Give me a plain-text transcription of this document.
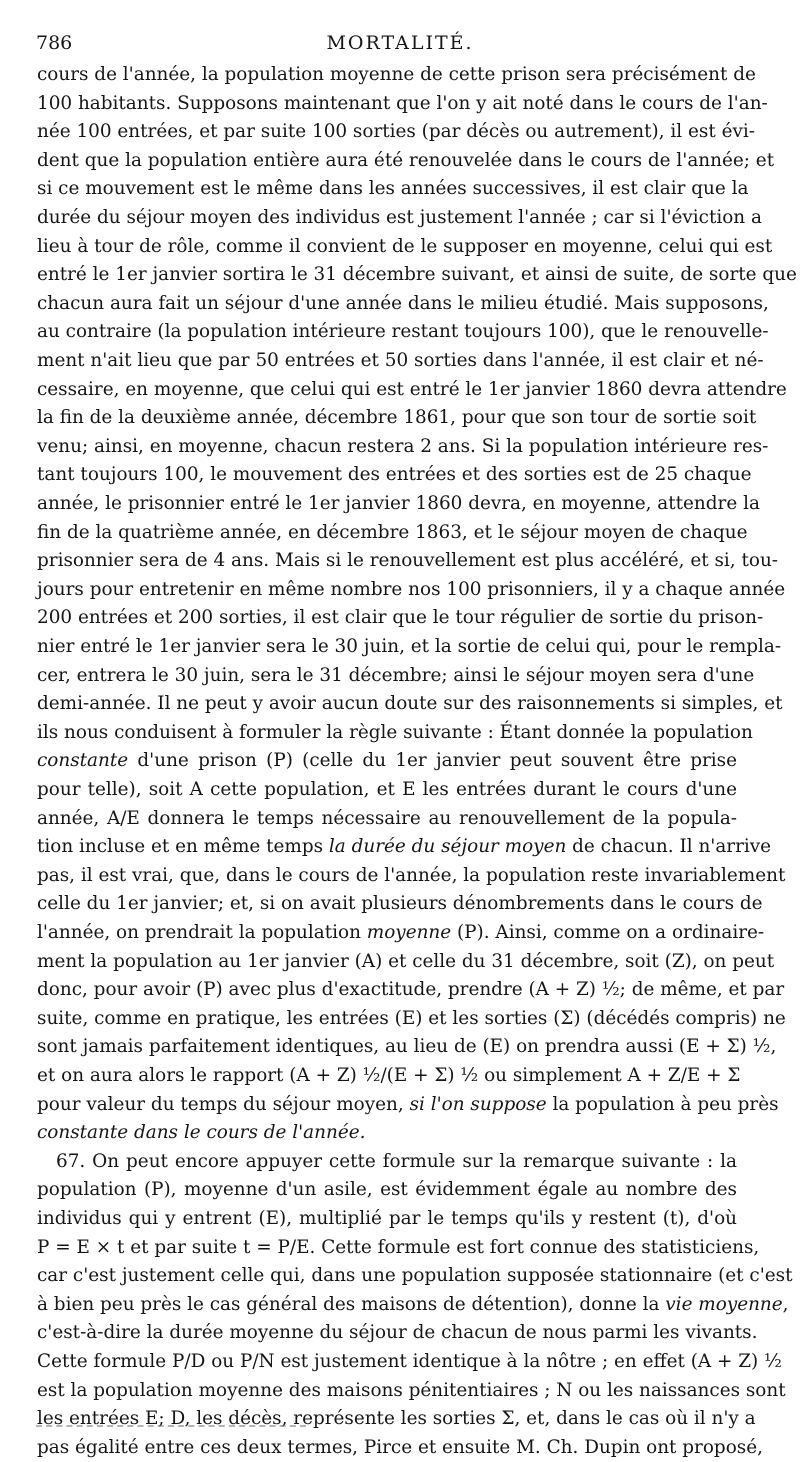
786	MORTALITÉ.
cours de l'année, la population moyenne de cette prison sera précisément de
100 habitants. Supposons maintenant que l'on y ait noté dans le cours de l'an-
née 100 entrées, et par suite 100 sorties (par décès ou autrement), il est évi-
dent que la population entière aura été renouvelée dans le cours de l'année; et
si ce mouvement est le même dans les années successives, il est clair que la
durée du séjour moyen des individus est justement l'année ; car si l'éviction a
lieu à tour de rôle, comme il convient de le supposer en moyenne, celui qui est
entré le 1er janvier sortira le 31 décembre suivant, et ainsi de suite, de sorte que
chacun aura fait un séjour d'une année dans le milieu étudié. Mais supposons,
au contraire (la population intérieure restant toujours 100), que le renouvelle-
ment n'ait lieu que par 50 entrées et 50 sorties dans l'année, il est clair et né-
cessaire, en moyenne, que celui qui est entré le 1er janvier 1860 devra attendre
la fin de la deuxième année, décembre 1861, pour que son tour de sortie soit
venu; ainsi, en moyenne, chacun restera 2 ans. Si la population intérieure res-
tant toujours 100, le mouvement des entrées et des sorties est de 25 chaque
année, le prisonnier entré le 1er janvier 1860 devra, en moyenne, attendre la
fin de la quatrième année, en décembre 1863, et le séjour moyen de chaque
prisonnier sera de 4 ans. Mais si le renouvellement est plus accéléré, et si, tou-
jours pour entretenir en même nombre nos 100 prisonniers, il y a chaque année
200 entrées et 200 sorties, il est clair que le tour régulier de sortie du prison-
nier entré le 1er janvier sera le 30 juin, et la sortie de celui qui, pour le rempla-
cer, entrera le 30 juin, sera le 31 décembre; ainsi le séjour moyen sera d'une
demi-année. Il ne peut y avoir aucun doute sur des raisonnements si simples, et
ils nous conduisent à formuler la règle suivante : Étant donnée la population
constante d'une prison (P) (celle du 1er janvier peut souvent être prise
pour telle), soit A cette population, et E les entrées durant le cours d'une
année, A/E donnera le temps nécessaire au renouvellement de la popula-
tion incluse et en même temps la durée du séjour moyen de chacun. Il n'arrive
pas, il est vrai, que, dans le cours de l'année, la population reste invariablement
celle du 1er janvier; et, si on avait plusieurs dénombrements dans le cours de
l'année, on prendrait la population moyenne (P). Ainsi, comme on a ordinaire-
ment la population au 1er janvier (A) et celle du 31 décembre, soit (Z), on peut
donc, pour avoir (P) avec plus d'exactitude, prendre (A + Z) ½; de même, et par
suite, comme en pratique, les entrées (E) et les sorties (Σ) (décédés compris) ne
sont jamais parfaitement identiques, au lieu de (E) on prendra aussi (E + Σ) ½,
et on aura alors le rapport (A + Z) ½/(E + Σ) ½ ou simplement A + Z/E + Σ
pour valeur du temps du séjour moyen, si l'on suppose la population à peu près
constante dans le cours de l'année.
67. On peut encore appuyer cette formule sur la remarque suivante : la
population (P), moyenne d'un asile, est évidemment égale au nombre des
individus qui y entrent (E), multiplié par le temps qu'ils y restent (t), d'où
P = E × t et par suite t = P/E. Cette formule est fort connue des statisticiens,
car c'est justement celle qui, dans une population supposée stationnaire (et c'est
à bien peu près le cas général des maisons de détention), donne la vie moyenne,
c'est-à-dire la durée moyenne du séjour de chacun de nous parmi les vivants.
Cette formule P/D ou P/N est justement identique à la nôtre ; en effet (A + Z) ½
est la population moyenne des maisons pénitentiaires ; N ou les naissances sont
les entrées E; D, les décès, représente les sorties Σ, et, dans le cas où il n'y a
pas égalité entre ces deux termes, Pirce et ensuite M. Ch. Dupin ont proposé,
